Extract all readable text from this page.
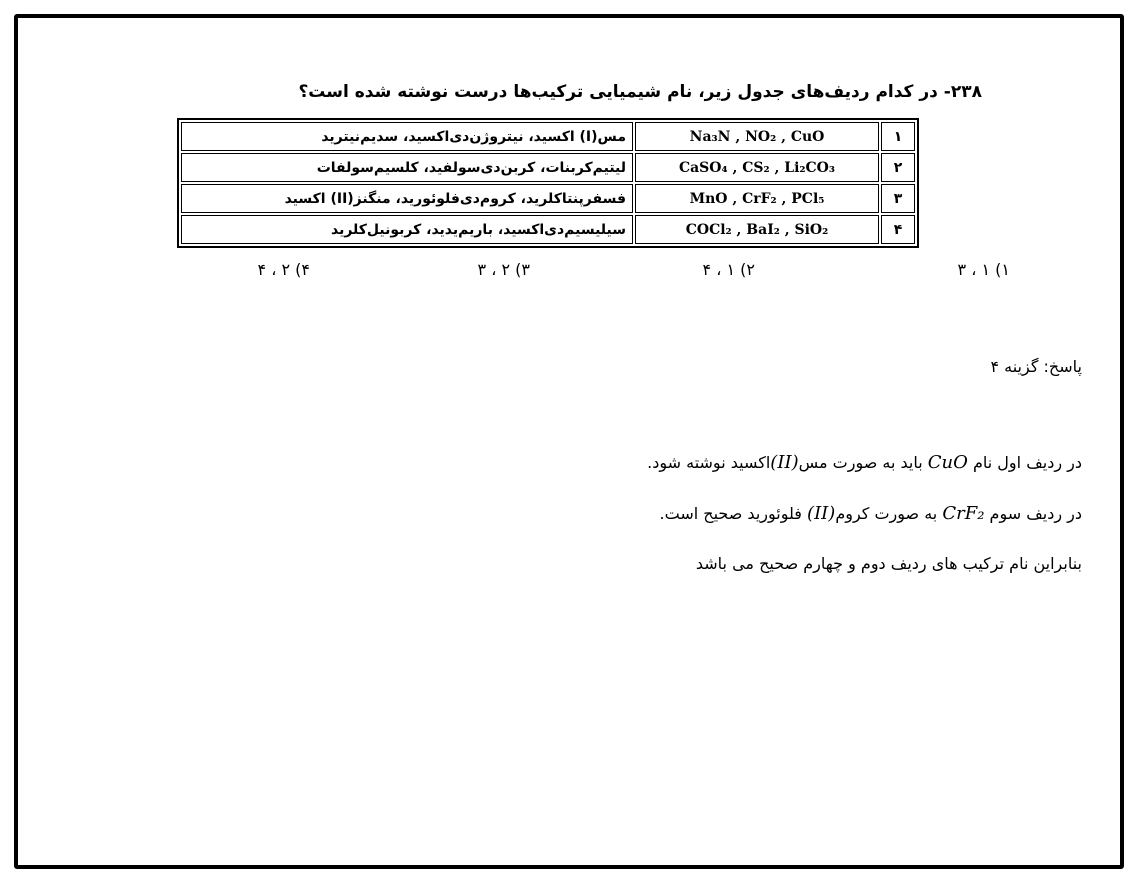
۲۳۸- در کدام ردیف‌های جدول زیر، نام شیمیایی ترکیب‌ها درست نوشته شده است؟
۱	Na₃N , NO₂ , CuO	مس(I) اکسید، نیتروژن‌دی‌اکسید، سدیم‌نیترید
۲	CaSO₄ , CS₂ , Li₂CO₃	لیتیم‌کربنات، کربن‌دی‌سولفید، کلسیم‌سولفات
۳	MnO , CrF₂ , PCl₅	فسفر‌پنتاکلرید، کروم‌دی‌فلوئورید، منگنز(II) اکسید
۴	COCl₂ , BaI₂ , SiO₂	سیلیسیم‌دی‌اکسید، باریم‌یدید، کربونیل‌کلرید
۱) ۱ ، ۳
۲) ۱ ، ۴
۳) ۲ ، ۳
۴) ۲ ، ۴
پاسخ: گزینه ۴
در ردیف اول نام CuO باید به صورت مس(II)اکسید نوشته شود.
در ردیف سوم CrF₂ به صورت کروم(II) فلوئورید صحیح است.
بنابراین نام ترکیب های ردیف دوم و چهارم صحیح می باشد
